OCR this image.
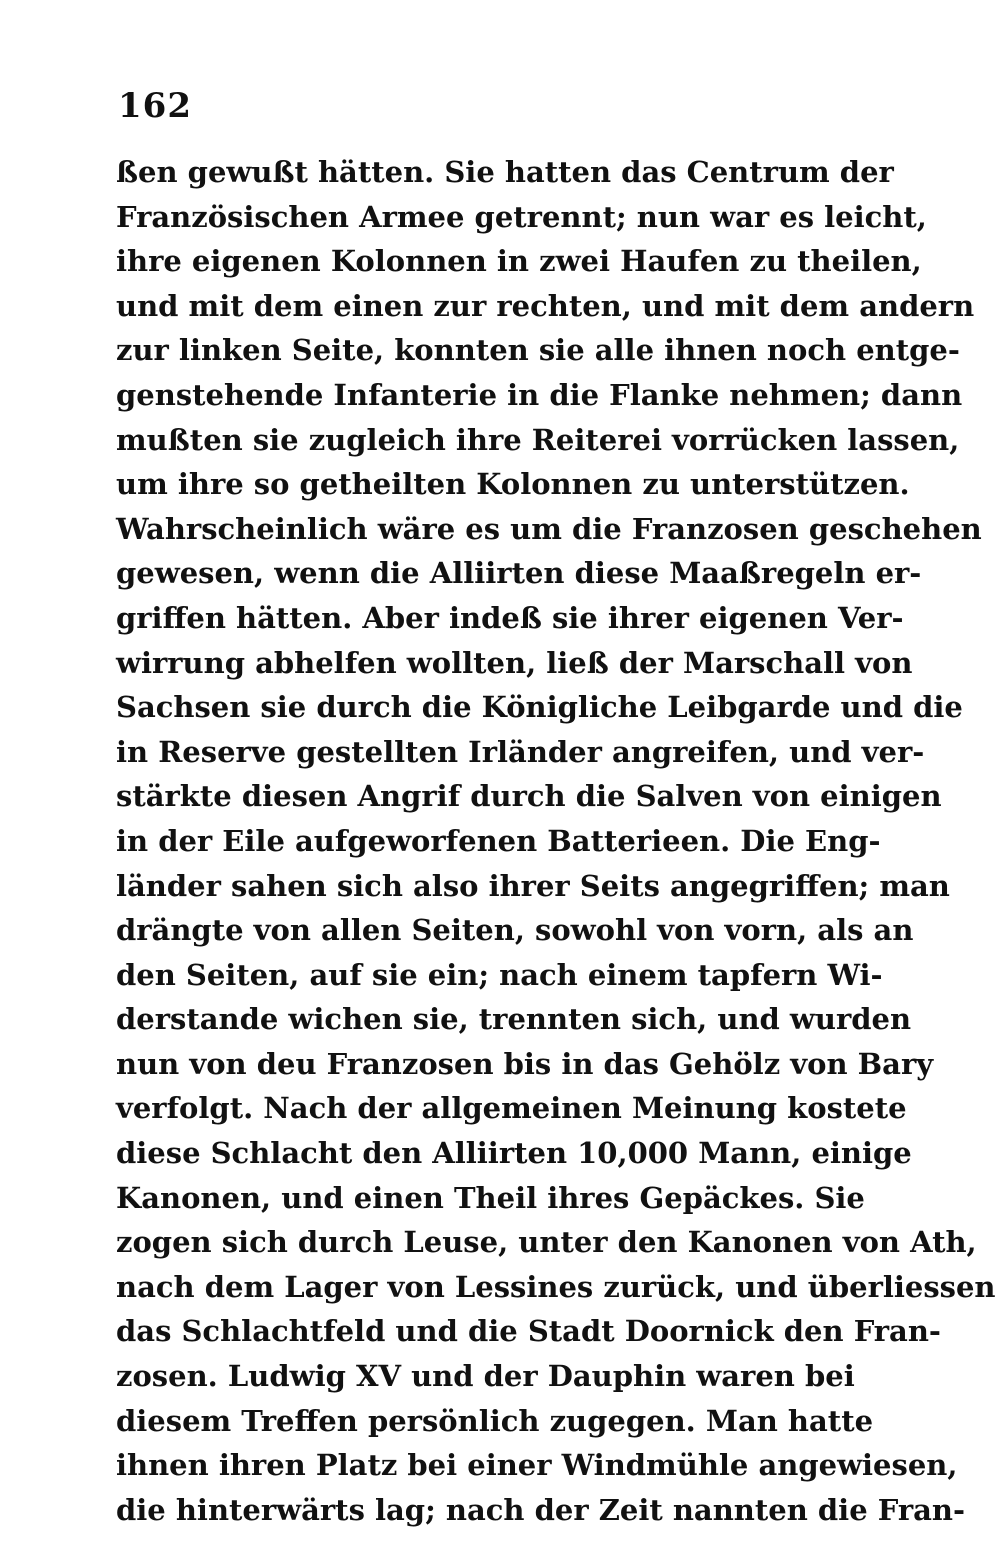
162
ßen gewußt hätten. Sie hatten das Centrum der
Französischen Armee getrennt; nun war es leicht,
ihre eigenen Kolonnen in zwei Haufen zu theilen,
und mit dem einen zur rechten, und mit dem andern
zur linken Seite, konnten sie alle ihnen noch entge-
genstehende Infanterie in die Flanke nehmen; dann
mußten sie zugleich ihre Reiterei vorrücken lassen,
um ihre so getheilten Kolonnen zu unterstützen.
Wahrscheinlich wäre es um die Franzosen geschehen
gewesen, wenn die Alliirten diese Maaßregeln er-
griffen hätten. Aber indeß sie ihrer eigenen Ver-
wirrung abhelfen wollten, ließ der Marschall von
Sachsen sie durch die Königliche Leibgarde und die
in Reserve gestellten Irländer angreifen, und ver-
stärkte diesen Angrif durch die Salven von einigen
in der Eile aufgeworfenen Batterieen. Die Eng-
länder sahen sich also ihrer Seits angegriffen; man
drängte von allen Seiten, sowohl von vorn, als an
den Seiten, auf sie ein; nach einem tapfern Wi-
derstande wichen sie, trennten sich, und wurden
nun von deu Franzosen bis in das Gehölz von Bary
verfolgt. Nach der allgemeinen Meinung kostete
diese Schlacht den Alliirten 10,000 Mann, einige
Kanonen, und einen Theil ihres Gepäckes. Sie
zogen sich durch Leuse, unter den Kanonen von Ath,
nach dem Lager von Lessines zurück, und überliessen
das Schlachtfeld und die Stadt Doornick den Fran-
zosen. Ludwig XV und der Dauphin waren bei
diesem Treffen persönlich zugegen. Man hatte
ihnen ihren Platz bei einer Windmühle angewiesen,
die hinterwärts lag; nach der Zeit nannten die Fran-
